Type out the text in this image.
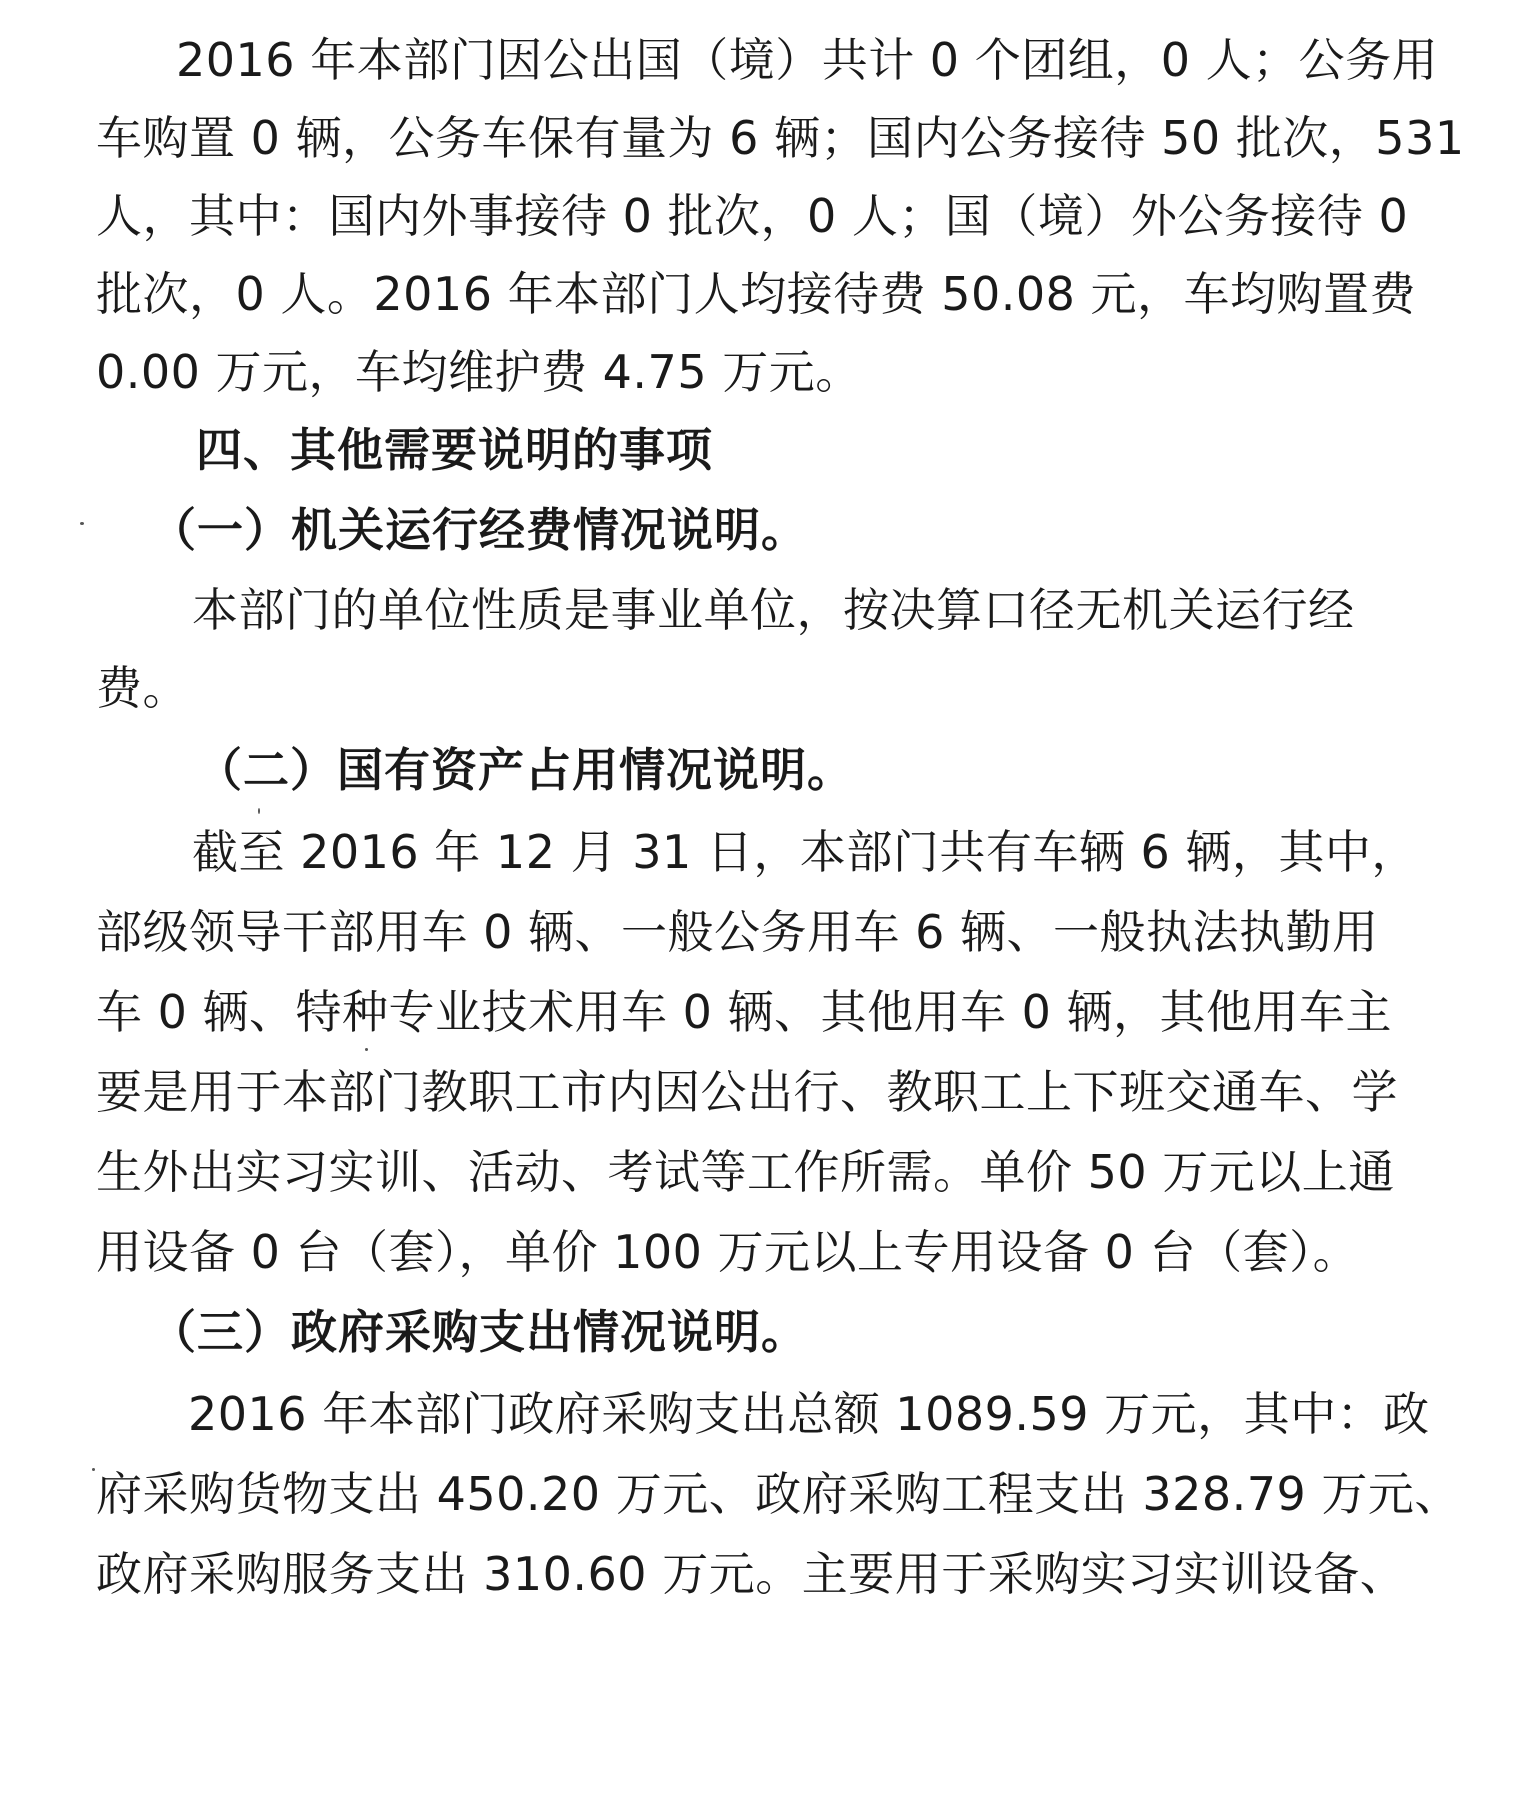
2016 年本部门因公出国（境）共计 0 个团组，0 人；公务用
车购置 0 辆，公务车保有量为 6 辆；国内公务接待 50 批次，531
人，其中：国内外事接待 0 批次，0 人；国（境）外公务接待 0
批次，0 人。2016 年本部门人均接待费 50.08 元，车均购置费
0.00 万元，车均维护费 4.75 万元。
四、其他需要说明的事项
（一）机关运行经费情况说明。
本部门的单位性质是事业单位，按决算口径无机关运行经
费。
（二）国有资产占用情况说明。
截至 2016 年 12 月 31 日，本部门共有车辆 6 辆，其中，
部级领导干部用车 0 辆、一般公务用车 6 辆、一般执法执勤用
车 0 辆、特种专业技术用车 0 辆、其他用车 0 辆，其他用车主
要是用于本部门教职工市内因公出行、教职工上下班交通车、学
生外出实习实训、活动、考试等工作所需。单价 50 万元以上通
用设备 0 台（套），单价 100 万元以上专用设备 0 台（套）。
（三）政府采购支出情况说明。
2016 年本部门政府采购支出总额 1089.59 万元，其中：政
府采购货物支出 450.20 万元、政府采购工程支出 328.79 万元、
政府采购服务支出 310.60 万元。主要用于采购实习实训设备、
